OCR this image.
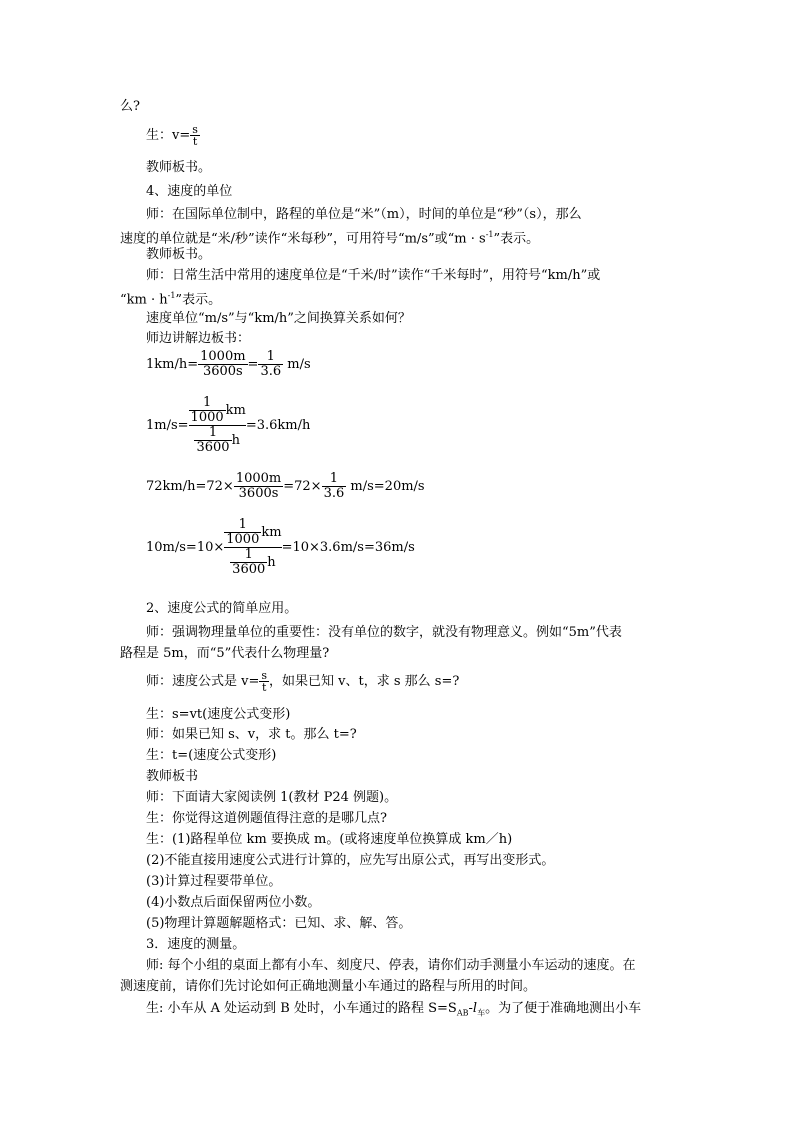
么?
生：$v= \frac{s}{t}$
教师板书。
4、速度的单位
师：在国际单位制中，路程的单位是“米”（m），时间的单位是“秒”（s），那么
速度的单位就是“米/秒”读作“米每秒”，可用符号“m/s”或“$m \cdot s^{-1}$”表示。
教师板书。
师：日常生活中常用的速度单位是“千米/时”读作“千米每时”，用符号“km/h”或
“km · $h^{-1}$”表示。
速度单位“m/s”与“km/h”之间换算关系如何？
师边讲解边板书：
$1km/h= \frac{1000m}{3600s} = \frac{1}{3.6} m/s$
$1m/s= \frac{\frac{1}{1000} km}{\frac{1}{3600} h} =3.6km/h$
$72km/h=72\times \frac{1000m}{3600s} =72\times \frac{1}{3.6} m/s=20m/s$
$10m/s=10\times \frac{\frac{1}{1000} km}{\frac{1}{3600} h} =10\times 3.6m/s=36m/s$
2、速度公式的简单应用。
师：强调物理量单位的重要性：没有单位的数字，就没有物理意义。例如“5m”代表
路程是 5m，而“5”代表什么物理量?
师：速度公式是 $v= \frac{s}{t}$ ，如果已知 v、t，求 s 那么 s=?
生：s=vt(速度公式变形)
师：如果已知 s、v，求 t。那么 t=?
生：t=(速度公式变形)
教师板书
师：下面请大家阅读例 1(教材 P24 例题)。
生：你觉得这道例题值得注意的是哪几点?
生：(1)路程单位 km 要换成 m。(或将速度单位换算成 km／h)
(2)不能直接用速度公式进行计算的，应先写出原公式，再写出变形式。
(3)计算过程要带单位。
(4)小数点后面保留两位小数。
(5)物理计算题解题格式：已知、求、解、答。
3．速度的测量。
师: 每个小组的桌面上都有小车、刻度尺、停表，请你们动手测量小车运动的速度。在
测速度前，请你们先讨论如何正确地测量小车通过的路程与所用的时间。
生: 小车从 A 处运动到 B 处时，小车通过的路程 $S=S_{AB}-l_车$。为了便于准确地测出小车
